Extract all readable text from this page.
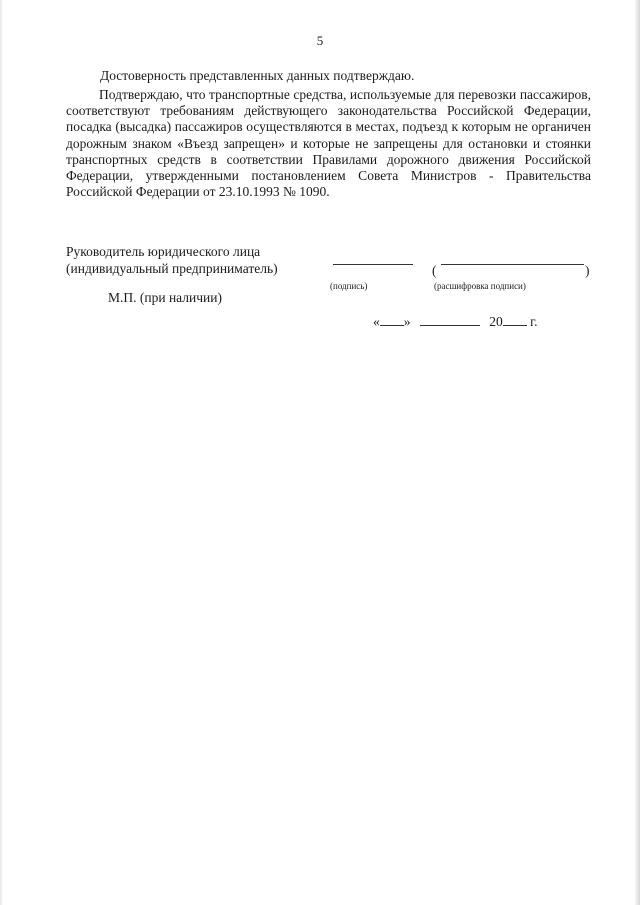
5
Достоверность представленных данных подтверждаю.

Подтверждаю, что транспортные средства, используемые для перевозки пассажиров, соответствуют требованиям действующего законодательства Российской Федерации, посадка (высадка) пассажиров осуществляются в местах, подъезд к которым не органичен дорожным знаком «Въезд запрещен» и которые не запрещены для остановки и стоянки транспортных средств в соответствии Правилами дорожного движения Российской Федерации, утвержденными постановлением Совета Министров - Правительства Российской Федерации от 23.10.1993 № 1090.

Руководитель юридического лица
(индивидуальный предприниматель)	(	)
(подпись)	(расшифровка подписи)
М.П. (при наличии)
« »	20 г.
